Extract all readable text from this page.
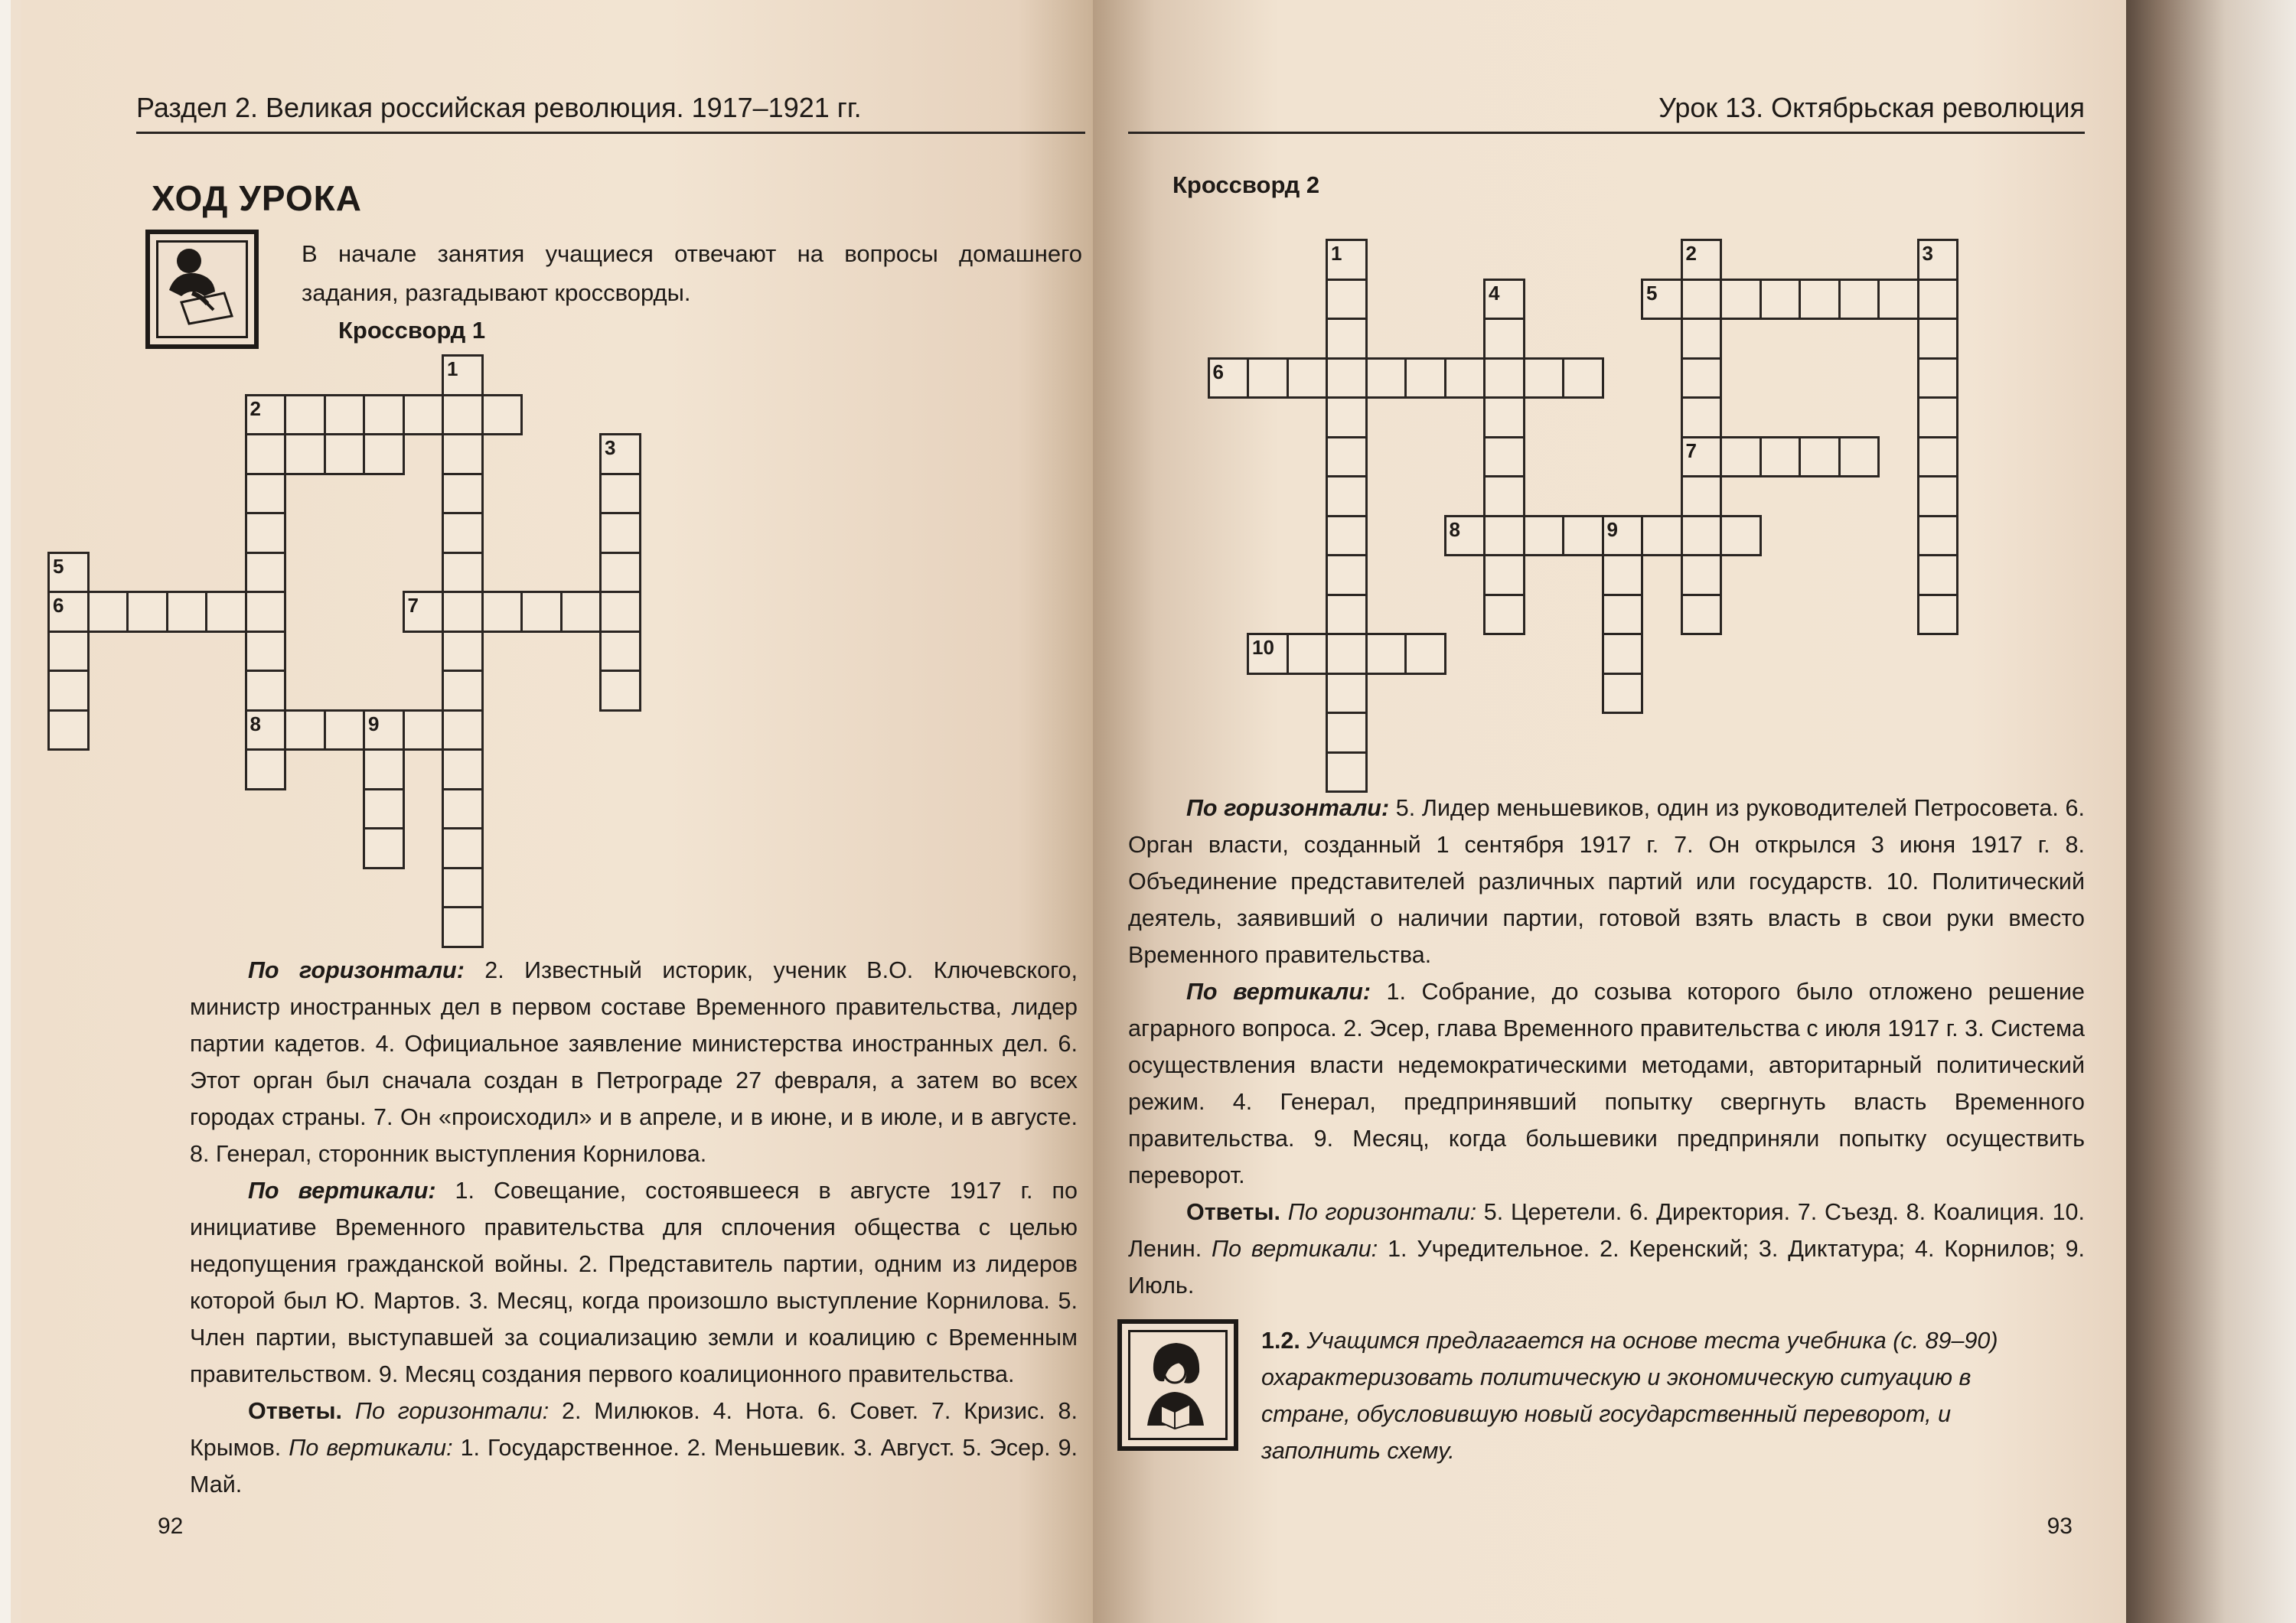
Раздел 2. Великая российская революция. 1917–1921 гг.
ХОД УРОКА
В начале занятия учащиеся отвечают на вопросы домашнего задания, разгадывают кроссворды.
Кроссворд 1
1
2
3
5
6	7
8	9

По горизонтали: 2. Известный историк, ученик В.О. Ключевского, министр иностранных дел в первом составе Временного правительства, лидер партии кадетов. 4. Официальное заявление министерства иностранных дел. 6. Этот орган был сначала создан в Петрограде 27 февраля, а затем во всех городах страны. 7. Он «происходил» и в апреле, и в июне, и в июле, и в августе. 8. Генерал, сторонник выступления Корнилова.

По вертикали: 1. Совещание, состоявшееся в августе 1917 г. по инициативе Временного правительства для сплочения общества с целью недопущения гражданской войны. 2. Представитель партии, одним из лидеров которой был Ю. Мартов. 3. Месяц, когда произошло выступление Корнилова. 5. Член партии, выступавшей за социализацию земли и коалицию с Временным правительством. 9. Месяц создания первого коалиционного правительства.

Ответы. По горизонтали: 2. Милюков. 4. Нота. 6. Совет. 7. Кризис. 8. Крымов. По вертикали: 1. Государственное. 2. Меньшевик. 3. Август. 5. Эсер. 9. Май.

92
Урок 13. Октябрьская революция
Кроссворд 2

По горизонтали: 5. Лидер меньшевиков, один из руководителей Петросовета. 6. Орган власти, созданный 1 сентября 1917 г. 7. Он открылся 3 июня 1917 г. 8. Объединение представителей различных партий или государств. 10. Политический деятель, заявивший о наличии партии, готовой взять власть в свои руки вместо Временного правительства.

По вертикали: 1. Собрание, до созыва которого было отложено решение аграрного вопроса. 2. Эсер, глава Временного правительства с июля 1917 г. 3. Система осуществления власти недемократическими методами, авторитарный политический режим. 4. Генерал, предпринявший попытку свергнуть власть Временного правительства. 9. Месяц, когда большевики предприняли попытку осуществить переворот.

Ответы. По горизонтали: 5. Церетели. 6. Директория. 7. Съезд. 8. Коалиция. 10. Ленин. По вертикали: 1. Учредительное. 2. Керенский; 3. Диктатура; 4. Корнилов; 9. Июль.

93
1	2	3
4	5
6
7
8	9
10
1.2. Учащимся предлагается на основе теста учебника (с. 89–90) охарактеризовать политическую и экономическую ситуацию в стране, обусловившую новый государственный переворот, и заполнить схему.
